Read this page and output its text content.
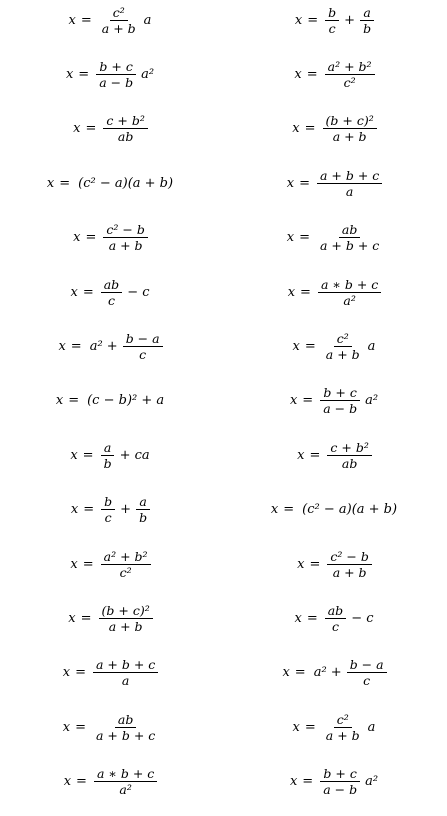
$x = \frac{\text{c²}}{a + b}$ a
$x = \frac{b + c}{a - b} a^2$
$x = \frac{\text{c + b²}}{ab}$
x = (c² − a)(a + b)
$x = \frac{\text{c² − b}}{a + b}$
$x = \frac{ab}{c} - c$
$x = a^2 + \frac{b - a}{c}$
x = (c − b)² + a
$x = \frac{a}{b}$ + ca
$x = \frac{b}{c} + \frac{a}{b}$
$x = \frac{\text{a² + b²}}{\text{c²}}$
$x = \frac{\text{(b + c)²}}{a + b}$
$x = \frac{a + b + c}{a}$
$x = \frac{ab}{a + b + c}$
$x = \frac{a ∗ b + c}{\text{a²}}$
$x = \frac{b}{c} + \frac{a}{b}$
$x = \frac{\text{a² + b²}}{\text{c²}}$
$x = \frac{\text{(b + c)²}}{a + b}$
$x = \frac{a + b + c}{a}$
$x = \frac{ab}{a + b + c}$
$x = \frac{a ∗ b + c}{\text{a²}}$
$x = \frac{\text{c²}}{a + b}$ a
$x = \frac{b + c}{a - b} a^2$
$x = \frac{\text{c + b²}}{ab}$
x = (c² − a)(a + b)
$x = \frac{\text{c² − b}}{a + b}$
$x = \frac{ab}{c} - c$
$x = a^2 + \frac{b - a}{c}$
$x = \frac{\text{c²}}{a + b}$ a
$x = \frac{b + c}{a - b} a^2$
